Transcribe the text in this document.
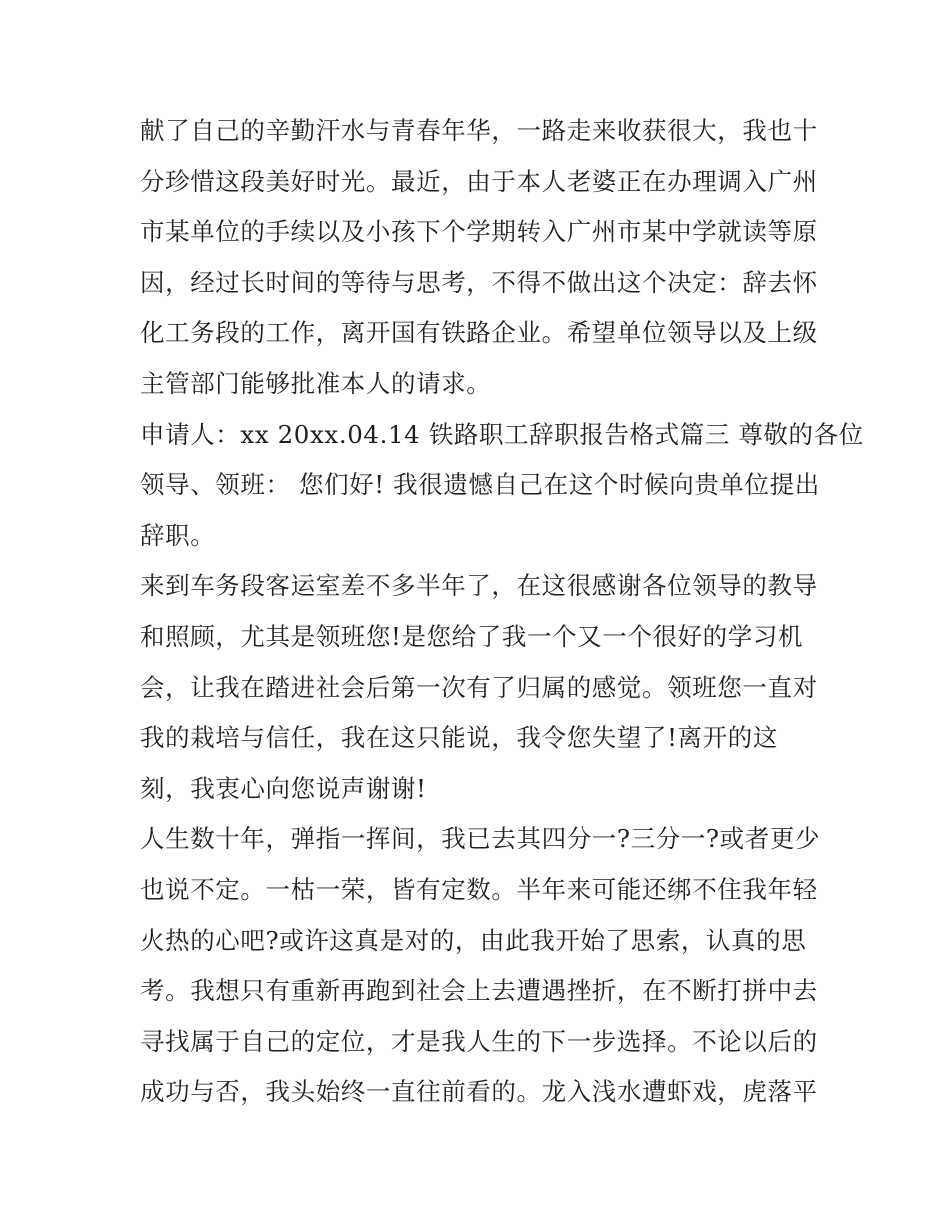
献了自己的辛勤汗水与青春年华，一路走来收获很大，我也十
分珍惜这段美好时光。最近，由于本人老婆正在办理调入广州
市某单位的手续以及小孩下个学期转入广州市某中学就读等原
因，经过长时间的等待与思考，不得不做出这个决定：辞去怀
化工务段的工作，离开国有铁路企业。希望单位领导以及上级
主管部门能够批准本人的请求。
申请人：xx 20xx.04.14 铁路职工辞职报告格式篇三 尊敬的各位
领导、领班： 您们好! 我很遗憾自己在这个时候向贵单位提出
辞职。
来到车务段客运室差不多半年了，在这很感谢各位领导的教导
和照顾，尤其是领班您!是您给了我一个又一个很好的学习机
会，让我在踏进社会后第一次有了归属的感觉。领班您一直对
我的栽培与信任，我在这只能说，我令您失望了!离开的这
刻，我衷心向您说声谢谢!
人生数十年，弹指一挥间，我已去其四分一?三分一?或者更少
也说不定。一枯一荣，皆有定数。半年来可能还绑不住我年轻
火热的心吧?或许这真是对的，由此我开始了思索，认真的思
考。我想只有重新再跑到社会上去遭遇挫折，在不断打拼中去
寻找属于自己的定位，才是我人生的下一步选择。不论以后的
成功与否，我头始终一直往前看的。龙入浅水遭虾戏，虎落平
